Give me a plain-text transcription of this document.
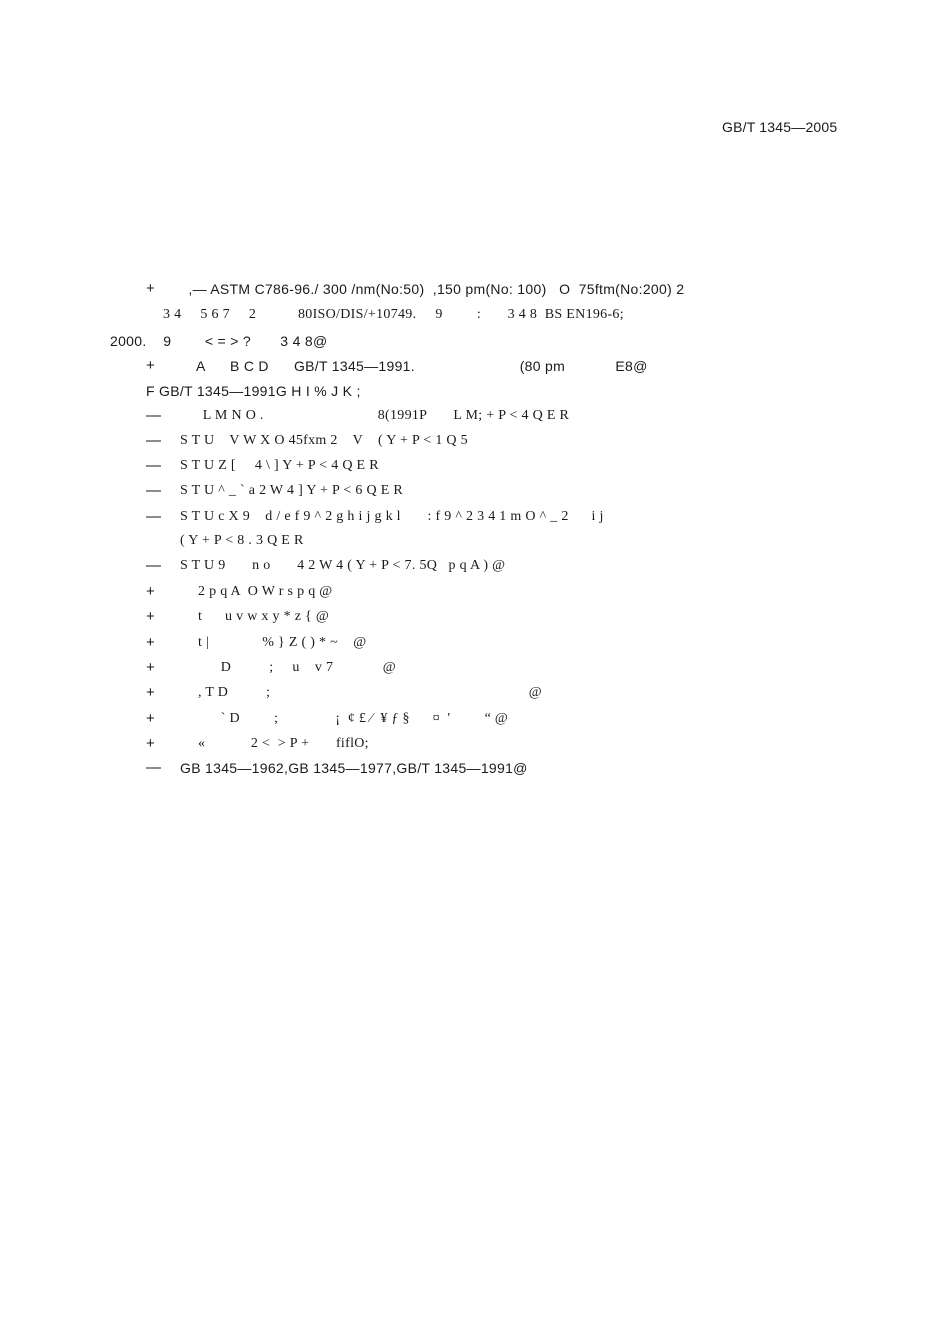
GB/T 1345—2005
+ ,— ASTM C786-96./ 300 /nm(No:50)  ,150 pm(No: 100)   O  75ftm(No:200) 2
3 4     5 6 7     2           80ISO/DIS/+10749.     9         :       3 4 8  BS EN196-6;
2000.    9        < = > ?       3 4 8@
+	A      B C D      GB/T 1345—1991.                         (80 pm            E8@
F GB/T 1345—1991G H I % J K ;
— L M N O .                              8(1991P       L M; + P < 4 Q E R
— S T U    V W X O 45fxm 2    V    ( Y + P < 1 Q 5
— S T U Z [     4 \ ] Y + P < 4 Q E R
— S T U ^ _ ` a 2 W 4 ] Y + P < 6 Q E R
— S T U c X 9    d / e f 9 ^ 2 g h i j g k l       : f 9 ^ 2 3 4 1 m O ^ _ 2      i j
( Y + P < 8 . 3 Q E R
— S T U 9       n o       4 2 W 4 ( Y + P < 7. 5Q   p q A ) @
+	2 p q A  O W r s p q @
+	t      u v w x y * z { @
+	t |              % } Z ( ) * ~    @
+	D          ;     u    v 7             @
+	, T D          ;                                                                    @
+	` D         ;               ¡  ¢ £ ⁄  ¥ ƒ §      ¤  '         “ @
+	«            2 <  > P +       fiflO;
— GB 1345—1962,GB 1345—1977,GB/T 1345—1991@
